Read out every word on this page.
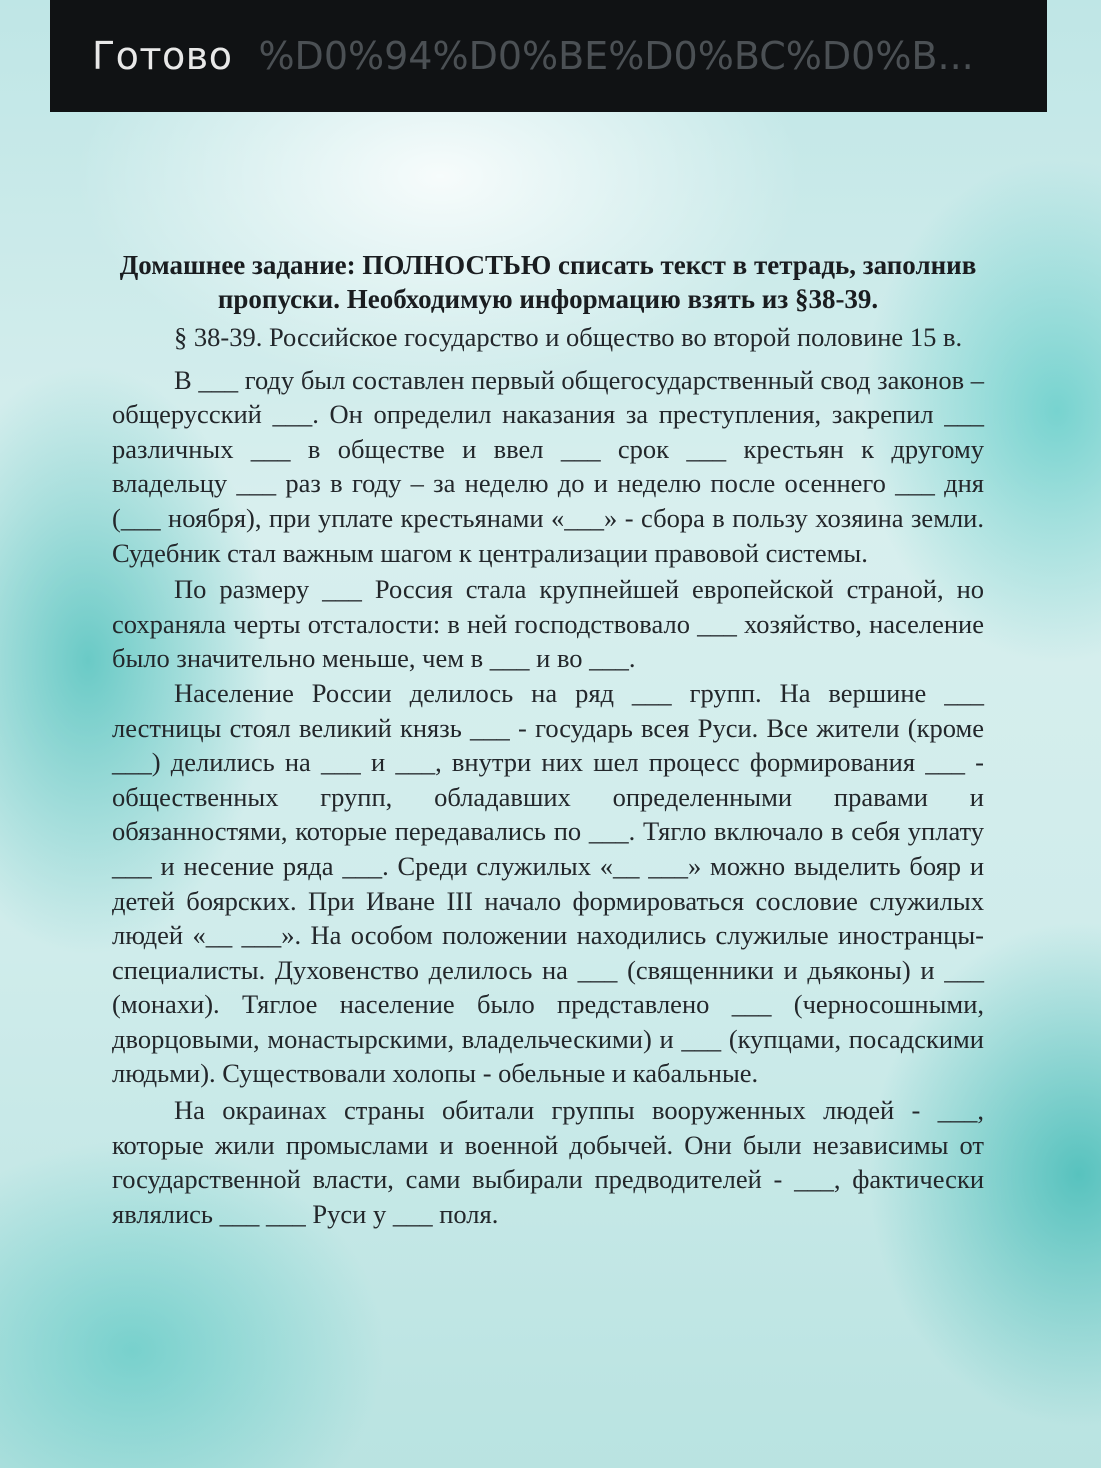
Готово %D0%94%D0%BE%D0%BC%D0%B...
Домашнее задание: ПОЛНОСТЬЮ списать текст в тетрадь, заполнив пропуски. Необходимую информацию взять из §38-39.

§ 38-39. Российское государство и общество во второй половине 15 в.

В ___ году был составлен первый общегосударственный свод законов – общерусский ___. Он определил наказания за преступления, закрепил ___ различных ___ в обществе и ввел ___ срок ___ крестьян к другому владельцу ___ раз в году – за неделю до и неделю после осеннего ___ дня (___ ноября), при уплате крестьянами «___» - сбора в пользу хозяина земли. Судебник стал важным шагом к централизации правовой системы.

По размеру ___ Россия стала крупнейшей европейской страной, но сохраняла черты отсталости: в ней господствовало ___ хозяйство, население было значительно меньше, чем в ___ и во ___.

Население России делилось на ряд ___ групп. На вершине ___ лестницы стоял великий князь ___ - государь всея Руси. Все жители (кроме ___) делились на ___ и ___, внутри них шел процесс формирования ___ - общественных групп, обладавших определенными правами и обязанностями, которые передавались по ___. Тягло включало в себя уплату ___ и несение ряда ___. Среди служилых «__ ___» можно выделить бояр и детей боярских. При Иване III начало формироваться сословие служилых людей «__ ___». На особом положении находились служилые иностранцы-специалисты. Духовенство делилось на ___ (священники и дьяконы) и ___ (монахи). Тяглое население было представлено ___ (черносошными, дворцовыми, монастырскими, владельческими) и ___ (купцами, посадскими людьми). Существовали холопы - обельные и кабальные.

На окраинах страны обитали группы вооруженных людей - ___, которые жили промыслами и военной добычей. Они были независимы от государственной власти, сами выбирали предводителей - ___, фактически являлись ___ ___ Руси у ___ поля.
